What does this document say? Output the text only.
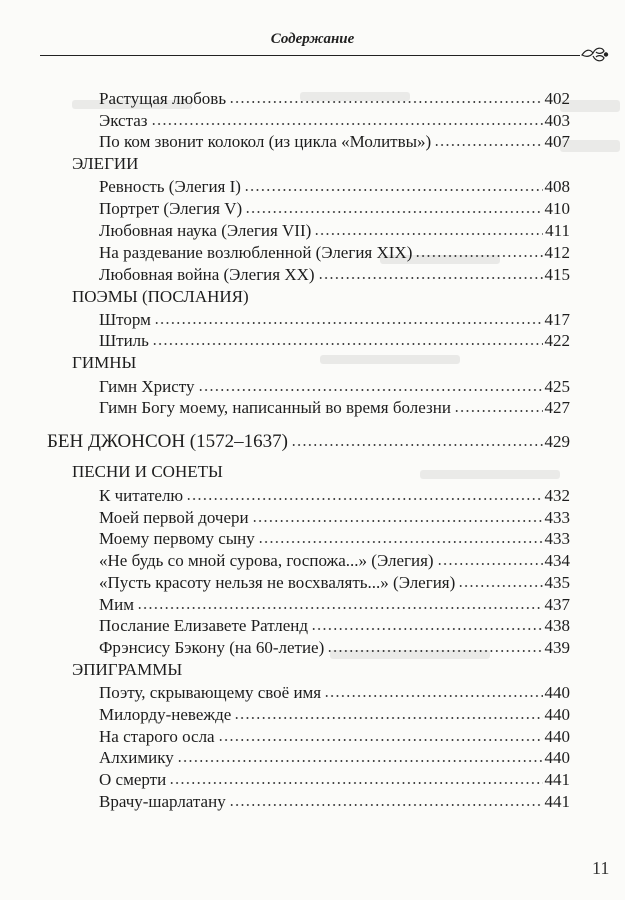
Содержание
Растущая любовь	402
Экстаз	403
По ком звонит колокол (из цикла «Молитвы»)	407
ЭЛЕГИИ
Ревность (Элегия I)	408
Портрет (Элегия V)	410
Любовная наука (Элегия VII)	411
На раздевание возлюбленной (Элегия XIX)	412
Любовная война (Элегия XX)	415
ПОЭМЫ (ПОСЛАНИЯ)
Шторм	417
Штиль	422
ГИМНЫ
Гимн Христу	425
Гимн Богу моему, написанный во время болезни	427
БЕН ДЖОНСОН (1572–1637)	429
ПЕСНИ И СОНЕТЫ
К читателю	432
Моей первой дочери	433
Моему первому сыну	433
«Не будь со мной сурова, госпожа...» (Элегия)	434
«Пусть красоту нельзя не восхвалять...» (Элегия)	435
Мим	437
Послание Елизавете Ратленд	438
Фрэнсису Бэкону (на 60-летие)	439
ЭПИГРАММЫ
Поэту, скрывающему своё имя	440
Милорду-невежде	440
На старого осла	440
Алхимику	440
О смерти	441
Врачу-шарлатану	441
11
